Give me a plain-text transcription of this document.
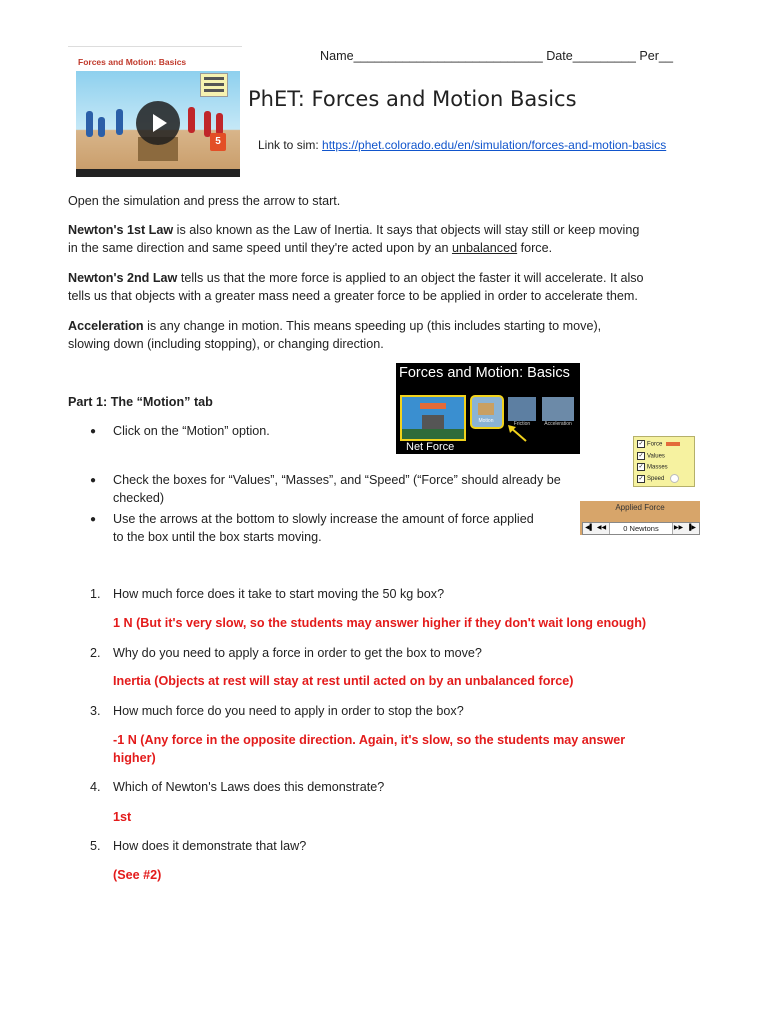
Forces and Motion: Basics
5
Name___________________________ Date_________ Per__
PhET: Forces and Motion Basics
Link to sim: https://phet.colorado.edu/en/simulation/forces-and-motion-basics
Open the simulation and press the arrow to start.
Newton's 1st Law is also known as the Law of Inertia. It says that objects will stay still or keep moving
in the same direction and same speed until they're acted upon by an unbalanced force.
Newton's 2nd Law tells us that the more force is applied to an object the faster it will accelerate. It also
tells us that objects with a greater mass need a greater force to be applied in order to accelerate them.
Acceleration is any change in motion. This means speeding up (this includes starting to move),
slowing down (including stopping), or changing direction.
Part 1: The “Motion” tab
● Click on the “Motion” option.
● Check the boxes for “Values”, “Masses”, and “Speed” (“Force” should already be
checked)
● Use the arrows at the bottom to slowly increase the amount of force applied
to the box until the box starts moving.
Forces and Motion: Basics
Motion	Friction	Acceleration
Net Force	✓ Force
✓ Values
✓ Masses
✓ Speed
Applied Force
◀▌ ◀◀	0 Newtons	▶▶ ▐▶
1. How much force does it take to start moving the 50 kg box?
1 N (But it's very slow, so the students may answer higher if they don't wait long enough)
2. Why do you need to apply a force in order to get the box to move?
Inertia (Objects at rest will stay at rest until acted on by an unbalanced force)
3. How much force do you need to apply in order to stop the box?
-1 N (Any force in the opposite direction. Again, it's slow, so the students may answer
higher)
4. Which of Newton's Laws does this demonstrate?
1st
5. How does it demonstrate that law?
(See #2)
